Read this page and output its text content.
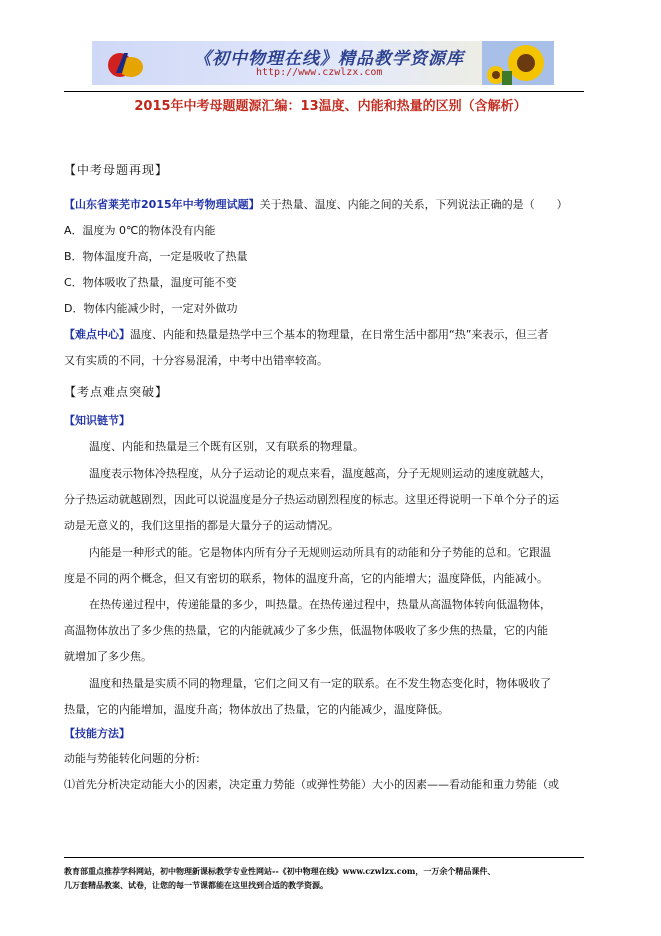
《初中物理在线》精品教学资源库
http://www.czwlzx.com
2015年中考母题题源汇编：13温度、内能和热量的区别（含解析）
【中考母题再现】
【山东省莱芜市2015年中考物理试题】关于热量、温度、内能之间的关系，下列说法正确的是（　　）
A．温度为 0℃的物体没有内能
B．物体温度升高，一定是吸收了热量
C．物体吸收了热量，温度可能不变
D．物体内能减少时，一定对外做功
【难点中心】温度、内能和热量是热学中三个基本的物理量，在日常生活中都用“热”来表示，但三者
又有实质的不同，十分容易混淆，中考中出错率较高。
【考点难点突破】
【知识链节】
温度、内能和热量是三个既有区别，又有联系的物理量。
温度表示物体冷热程度，从分子运动论的观点来看，温度越高，分子无规则运动的速度就越大，
分子热运动就越剧烈，因此可以说温度是分子热运动剧烈程度的标志。这里还得说明一下单个分子的运
动是无意义的，我们这里指的都是大量分子的运动情况。
内能是一种形式的能。它是物体内所有分子无规则运动所具有的动能和分子势能的总和。它跟温
度是不同的两个概念，但又有密切的联系，物体的温度升高，它的内能增大；温度降低，内能减小。
在热传递过程中，传递能量的多少，叫热量。在热传递过程中，热量从高温物体转向低温物体，
高温物体放出了多少焦的热量，它的内能就减少了多少焦，低温物体吸收了多少焦的热量，它的内能
就增加了多少焦。
温度和热量是实质不同的物理量，它们之间又有一定的联系。在不发生物态变化时，物体吸收了
热量，它的内能增加，温度升高；物体放出了热量，它的内能减少，温度降低。
【技能方法】
动能与势能转化问题的分析:
⑴首先分析决定动能大小的因素，决定重力势能（或弹性势能）大小的因素——看动能和重力势能（或
教育部重点推荐学科网站，初中物理新课标教学专业性网站--《初中物理在线》www.czwlzx.com，一万余个精品课件、
几万套精品教案、试卷，让您的每一节课都能在这里找到合适的教学资源。
